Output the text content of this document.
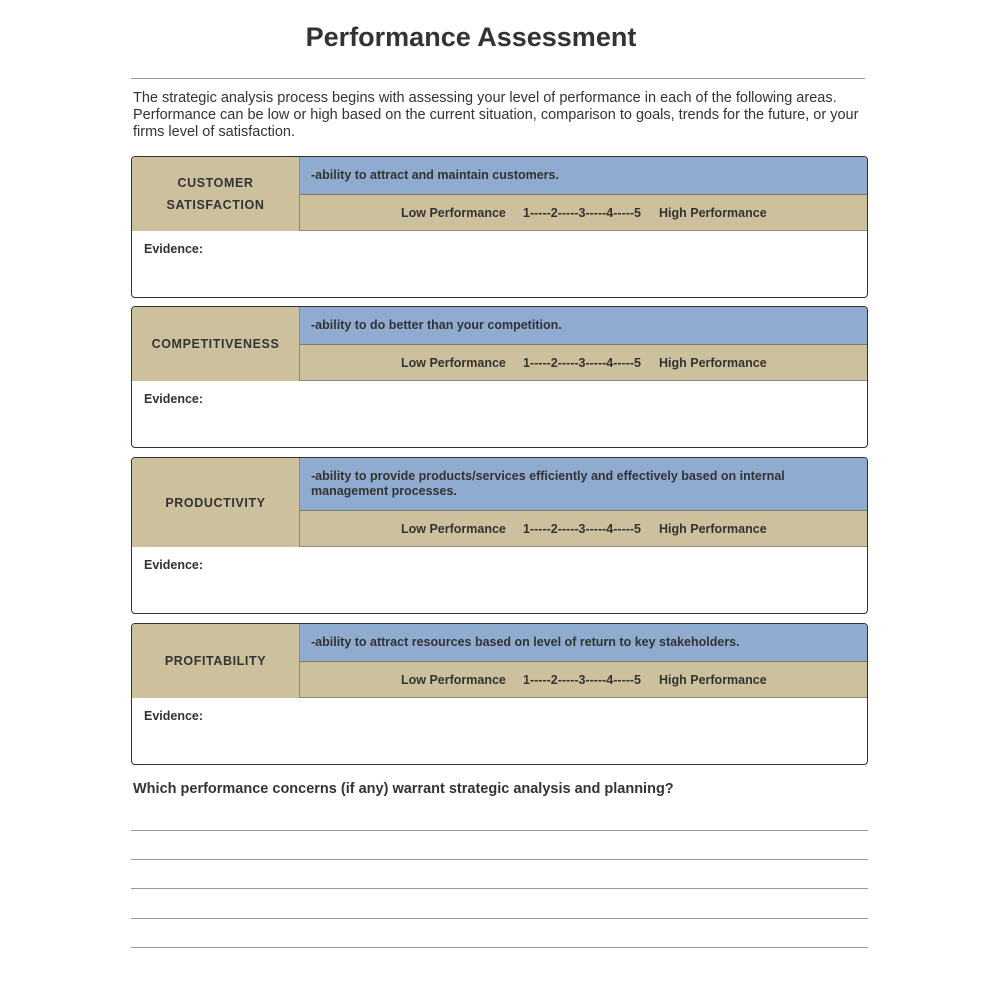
Performance Assessment
The strategic analysis process begins with assessing your level of performance in each of the following areas. Performance can be low or high based on the current situation, comparison to goals, trends for the future, or your firms level of satisfaction.
CUSTOMER
SATISFACTION
-ability to attract and maintain customers.
Low Performance 1-----2-----3-----4-----5 High Performance
Evidence:
COMPETITIVENESS
-ability to do better than your competition.
Low Performance 1-----2-----3-----4-----5 High Performance
Evidence:
PRODUCTIVITY
-ability to provide products/services efficiently and effectively based on internal management processes.
Low Performance 1-----2-----3-----4-----5 High Performance
Evidence:
PROFITABILITY
-ability to attract resources based on level of return to key stakeholders.
Low Performance 1-----2-----3-----4-----5 High Performance
Evidence:
Which performance concerns (if any) warrant strategic analysis and planning?
